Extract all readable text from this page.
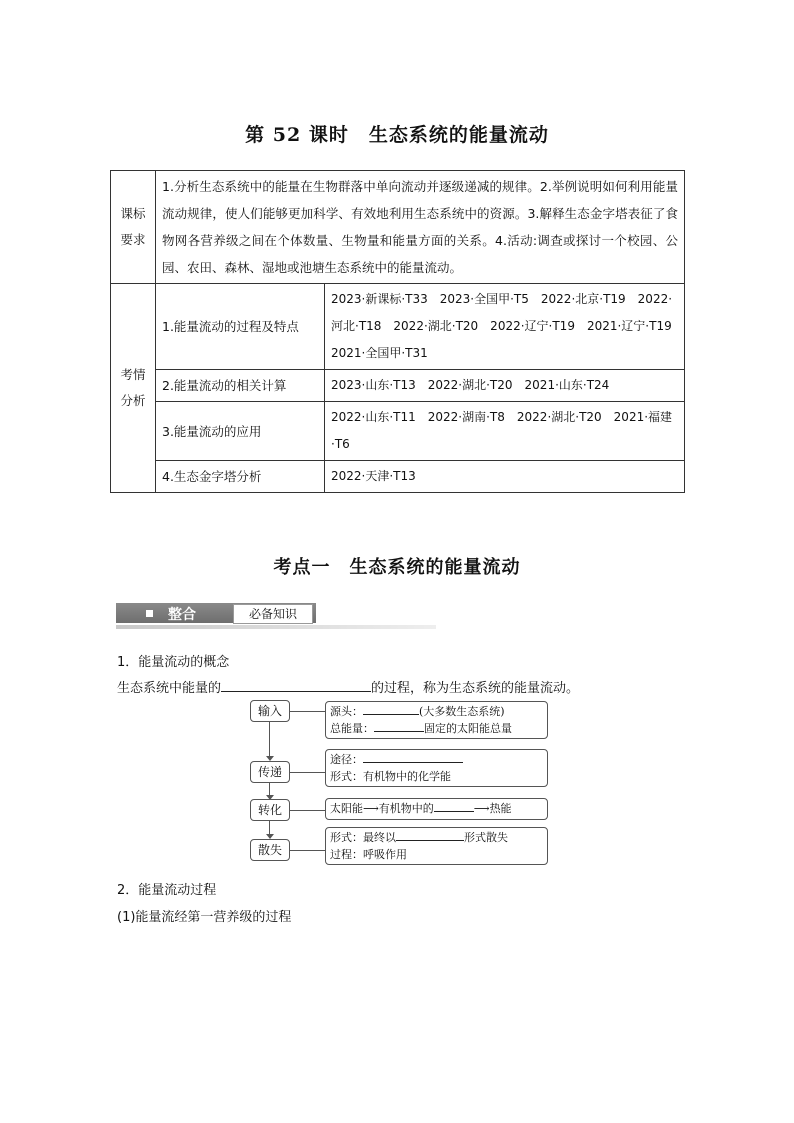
第 52 课时　生态系统的能量流动
课标
要求	1.分析生态系统中的能量在生物群落中单向流动并逐级递减的规律。2.举例说明如何利用能量流动规律，使人们能够更加科学、有效地利用生态系统中的资源。3.解释生态金字塔表征了食物网各营养级之间在个体数量、生物量和能量方面的关系。4.活动:调查或探讨一个校园、公园、农田、森林、湿地或池塘生态系统中的能量流动。	

考情
分析	1.能量流动的过程及特点	2023·新课标·T33　2023·全国甲·T5　2022·北京·T19　2022·河北·T18　2022·湖北·T20　2022·辽宁·T19　2021·辽宁·T19　2021·全国甲·T31
	2.能量流动的相关计算	2023·山东·T13　2022·湖北·T20　2021·山东·T24
	3.能量流动的应用	2022·山东·T11　2022·湖南·T8　2022·湖北·T20　2021·福建·T6
	4.生态金字塔分析	2022·天津·T13
考点一　生态系统的能量流动
整合	必备知识
1．能量流动的概念
生态系统中能量的	的过程，称为生态系统的能量流动。
输入
传递
转化
散失
源头：	(大多数生态系统)
总能量：	固定的太阳能总量
途径：
形式：有机物中的化学能
太阳能⟶有机物中的	⟶热能
形式：最终以	形式散失
过程：呼吸作用
2．能量流动过程
(1)能量流经第一营养级的过程
